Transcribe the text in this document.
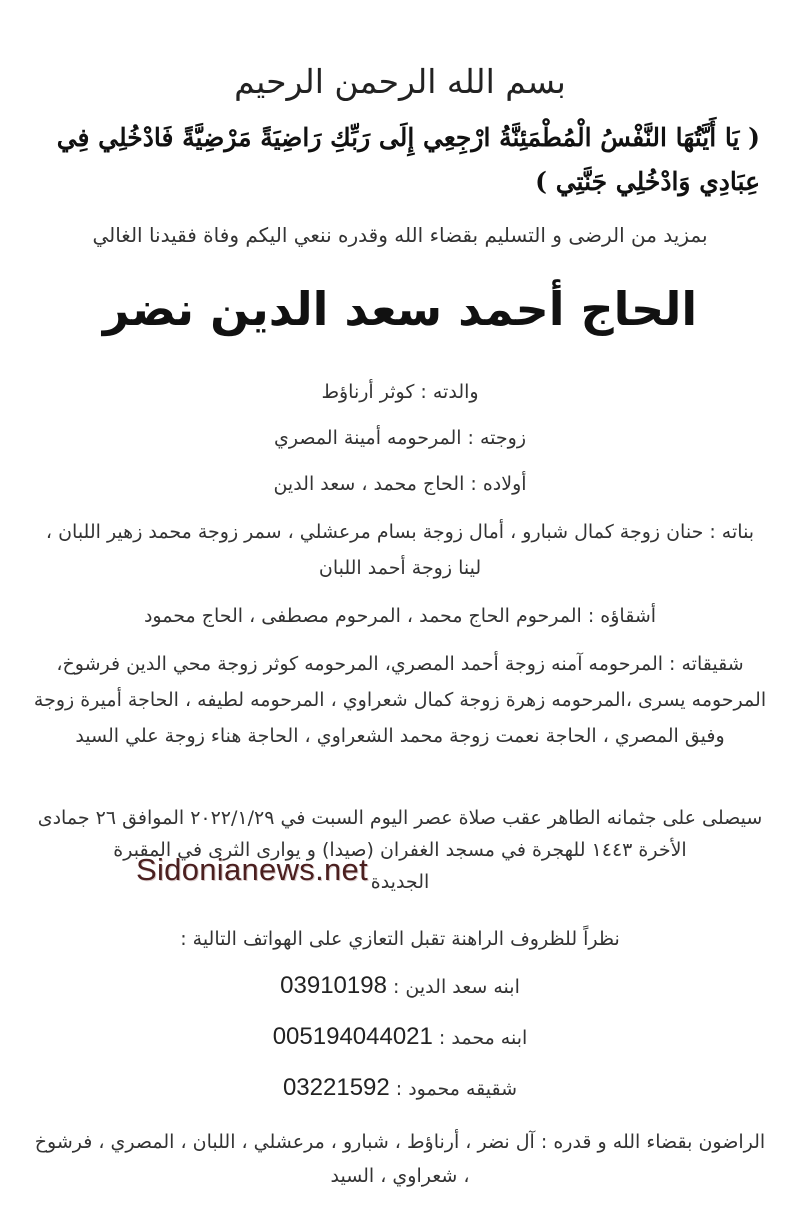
بسم الله الرحمن الرحيم

( يَا أَيَّتُهَا النَّفْسُ الْمُطْمَئِنَّةُ ارْجِعِي إِلَى رَبِّكِ رَاضِيَةً مَرْضِيَّةً فَادْخُلِي فِي عِبَادِي وَادْخُلِي جَنَّتِي )

بمزيد من الرضى و التسليم بقضاء الله وقدره ننعي اليكم وفاة فقيدنا الغالي

الحاج أحمد سعد الدين نضر

والدته : كوثر أرناؤط

زوجته : المرحومه أمينة المصري

أولاده : الحاج محمد ، سعد الدين

بناته : حنان زوجة كمال شبارو ، أمال زوجة بسام مرعشلي ، سمر زوجة محمد زهير اللبان ، لينا زوجة أحمد اللبان

أشقاؤه : المرحوم الحاج محمد ، المرحوم مصطفى ، الحاج محمود

شقيقاته : المرحومه آمنه زوجة أحمد المصري، المرحومه كوثر زوجة محي الدين فرشوخ، المرحومه يسرى ،المرحومه زهرة زوجة كمال شعراوي ، المرحومه لطيفه ، الحاجة أميرة زوجة وفيق المصري ، الحاجة نعمت زوجة محمد الشعراوي ، الحاجة هناء زوجة علي السيد

سيصلى على جثمانه الطاهر عقب صلاة عصر اليوم السبت في ٢٠٢٢/١/٢٩ الموافق ٢٦ جمادى الأخرة ١٤٤٣ للهجرة في مسجد الغفران (صيدا) و يوارى الثرى في المقبرة
الجديدة

نظراً للظروف الراهنة تقبل التعازي على الهواتف التالية :

ابنه سعد الدين : 03910198

ابنه محمد : 005194044021

شقيقه محمود : 03221592

الراضون بقضاء الله و قدره : آل نضر ، أرناؤط ، شبارو ، مرعشلي ، اللبان ، المصري ، فرشوخ ، شعراوي ، السيد

Sidonianews.net
